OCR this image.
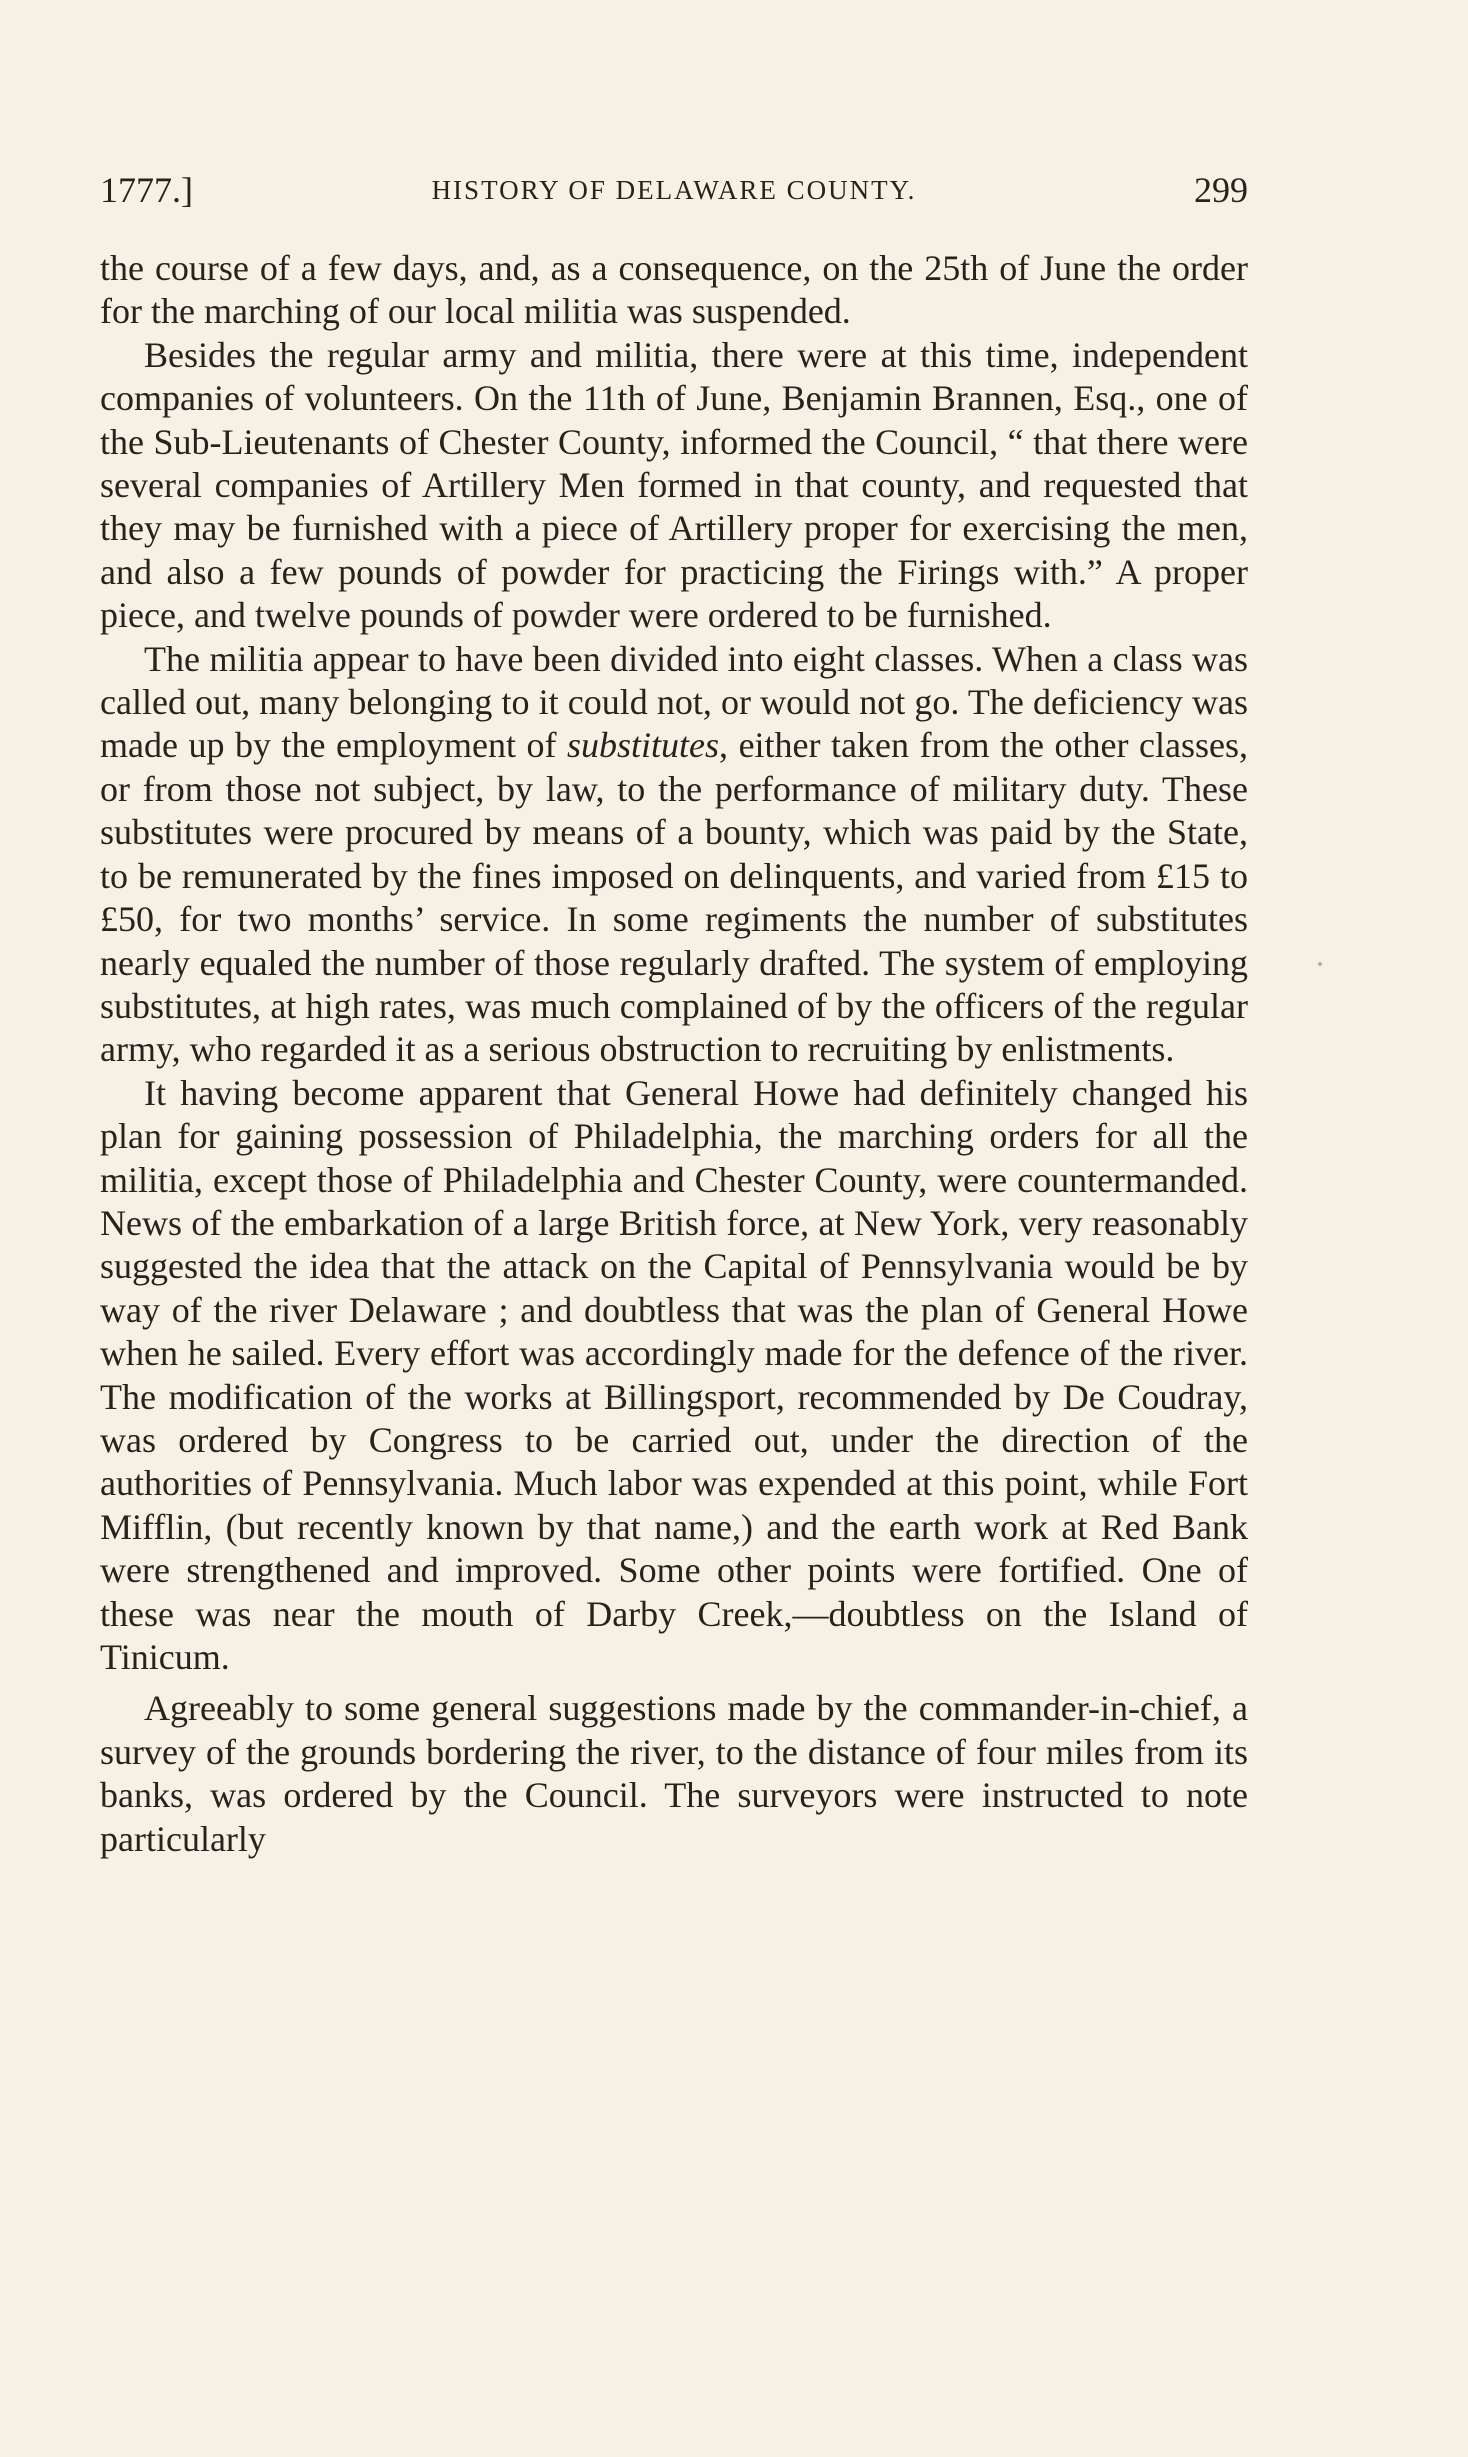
1777.]	HISTORY OF DELAWARE COUNTY.	299

the course of a few days, and, as a consequence, on the 25th of June the order for the marching of our local militia was suspended.

Besides the regular army and militia, there were at this time, independent companies of volunteers. On the 11th of June, Benjamin Brannen, Esq., one of the Sub-Lieutenants of Chester County, informed the Council, “ that there were several companies of Artillery Men formed in that county, and requested that they may be furnished with a piece of Artillery proper for exercising the men, and also a few pounds of powder for practicing the Firings with.” A proper piece, and twelve pounds of powder were ordered to be furnished.

The militia appear to have been divided into eight classes. When a class was called out, many belonging to it could not, or would not go. The deficiency was made up by the employment of substitutes, either taken from the other classes, or from those not subject, by law, to the performance of military duty. These substitutes were procured by means of a bounty, which was paid by the State, to be remunerated by the fines imposed on delinquents, and varied from £15 to £50, for two months’ service. In some regiments the number of substitutes nearly equaled the number of those regularly drafted. The system of employing substitutes, at high rates, was much complained of by the officers of the regular army, who regarded it as a serious obstruction to recruiting by enlistments.

It having become apparent that General Howe had definitely changed his plan for gaining possession of Philadelphia, the marching orders for all the militia, except those of Philadelphia and Chester County, were countermanded. News of the embarkation of a large British force, at New York, very reasonably suggested the idea that the attack on the Capital of Pennsylvania would be by way of the river Delaware ; and doubtless that was the plan of General Howe when he sailed. Every effort was accordingly made for the defence of the river. The modification of the works at Billingsport, recommended by De Coudray, was ordered by Congress to be carried out, under the direction of the authorities of Pennsylvania. Much labor was expended at this point, while Fort Mifflin, (but recently known by that name,) and the earth work at Red Bank were strengthened and improved. Some other points were fortified. One of these was near the mouth of Darby Creek,—doubtless on the Island of Tinicum.

Agreeably to some general suggestions made by the commander-in-chief, a survey of the grounds bordering the river, to the distance of four miles from its banks, was ordered by the Council. The surveyors were instructed to note particularly
